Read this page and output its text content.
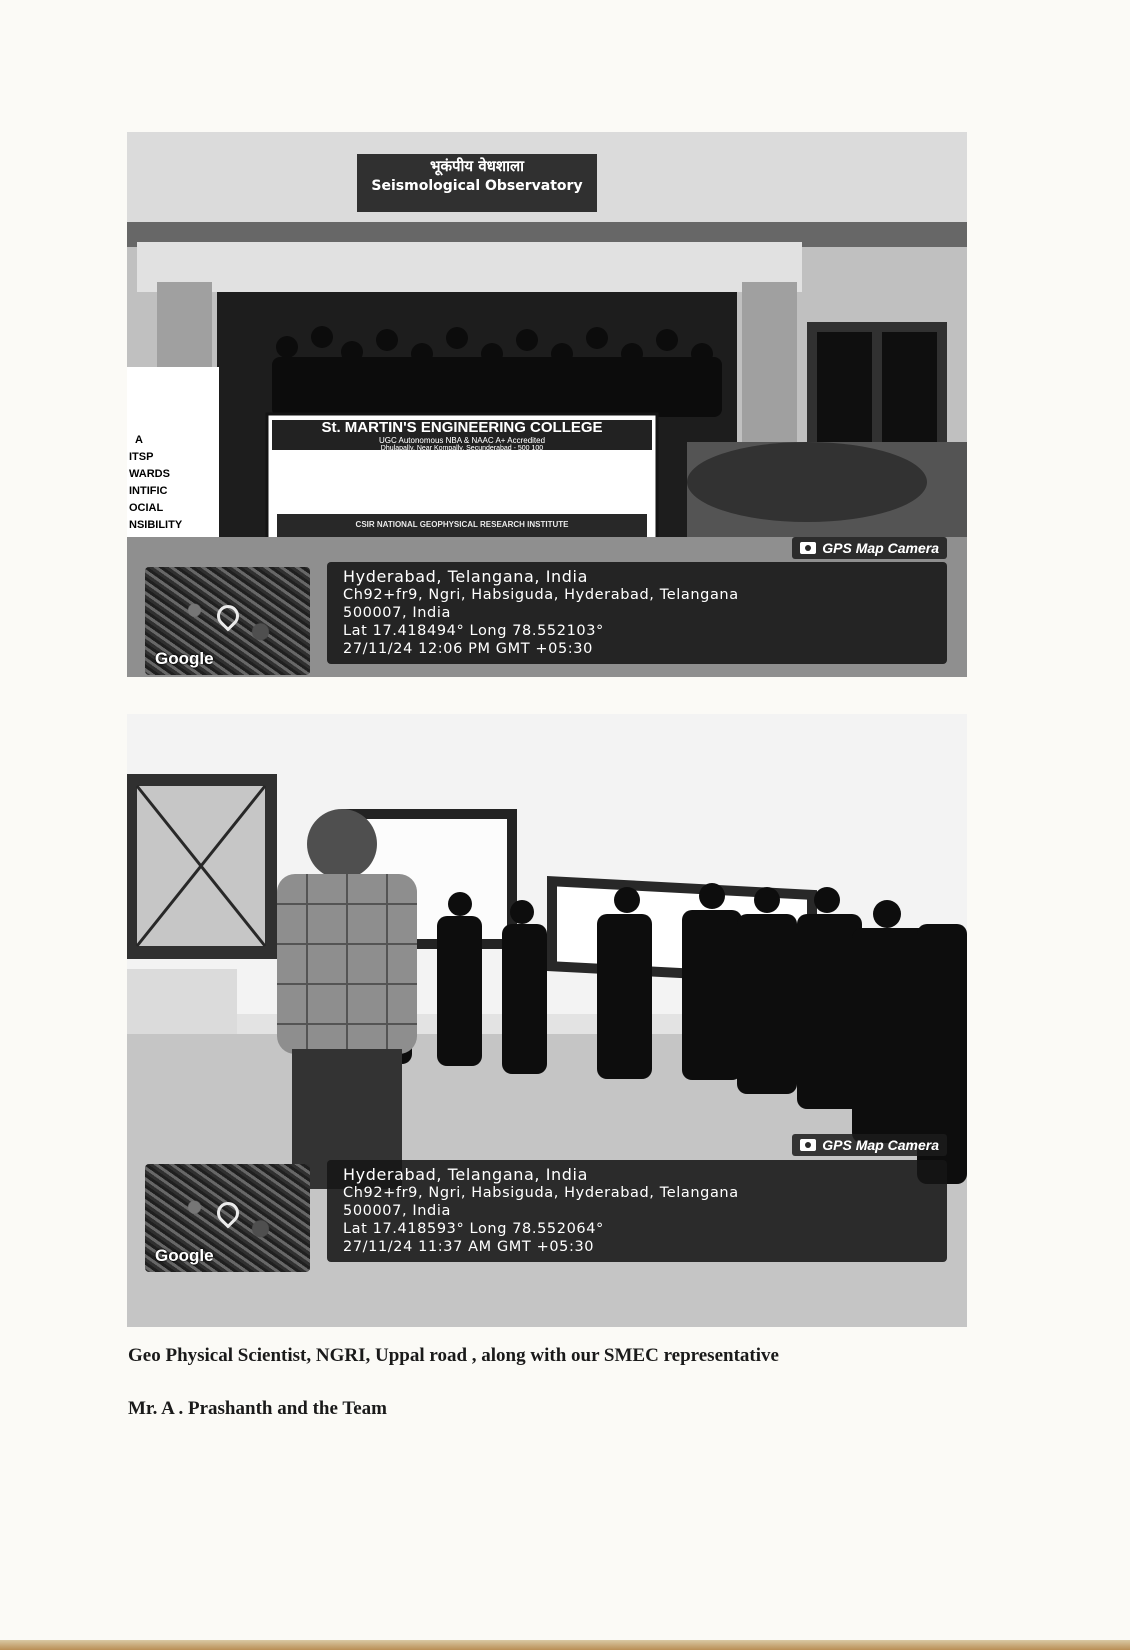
भूकंपीय वेधशाला
Seismological Observatory
St. MARTIN'S ENGINEERING COLLEGE
UGC Autonomous NBA & NAAC A+ Accredited
Dhulapally, Near Kompally, Secunderabad - 500 100
CSIR NATIONAL GEOPHYSICAL RESEARCH INSTITUTE
A
ITSP
WARDS
INTIFIC
OCIAL
NSIBILITY
GPS Map Camera
Google
Hyderabad, Telangana, India
Ch92+fr9, Ngri, Habsiguda, Hyderabad, Telangana
500007, India
Lat 17.418494° Long 78.552103°
27/11/24 12:06 PM GMT +05:30
GPS Map Camera
Google
Hyderabad, Telangana, India
Ch92+fr9, Ngri, Habsiguda, Hyderabad, Telangana
500007, India
Lat 17.418593° Long 78.552064°
27/11/24 11:37 AM GMT +05:30
Geo Physical Scientist, NGRI, Uppal road , along with our SMEC representative
Mr. A . Prashanth and the Team
